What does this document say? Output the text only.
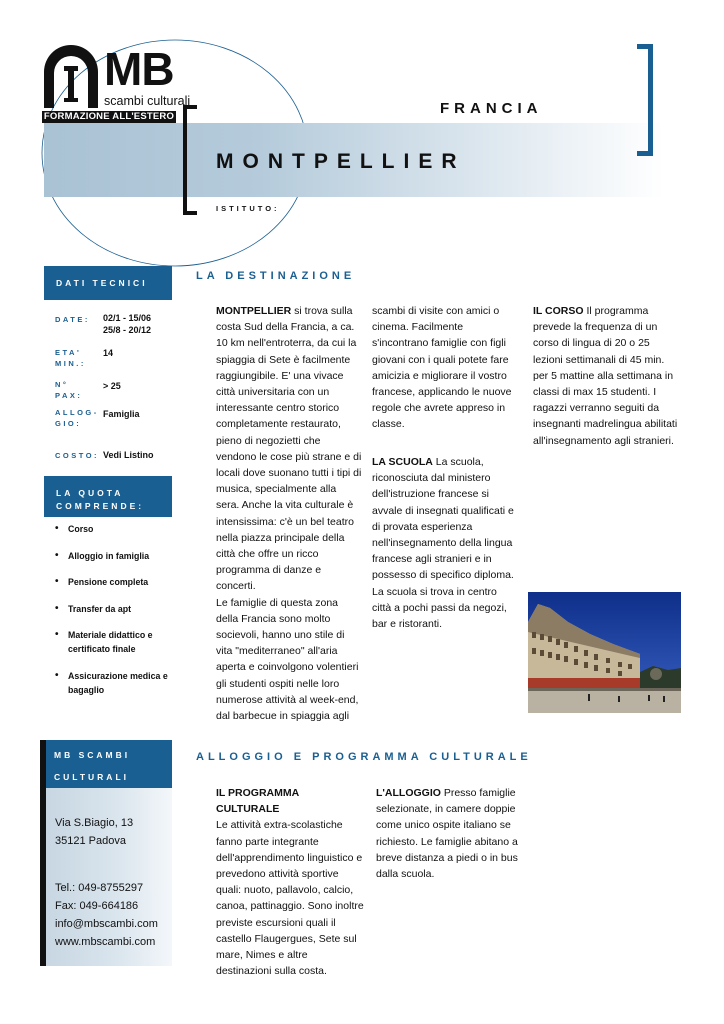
MB
scambi culturali
FORMAZIONE ALL'ESTERO	FRANCIA
MONTPELLIER
ISTITUTO:
DATI TECNICI
DATE: 02/1 - 15/06
25/8 - 20/12
ETA' MIN.:
14
N° PAX:
> 25
ALLOG-GIO:
Famiglia
COSTO: Vedi Listino
LA QUOTA
COMPRENDE:
• Corso
• Alloggio in famiglia
• Pensione completa
• Transfer da apt
• Materiale didattico e certificato finale
• Assicurazione medica e bagaglio
MB SCAMBI
CULTURALI
Via S.Biagio, 13
35121 Padova
Tel.: 049-8755297
Fax: 049-664186
info@mbscambi.com
www.mbscambi.com
LA DESTINAZIONE
MONTPELLIER si trova sulla costa Sud della Francia, a ca. 10 km nell'entroterra, da cui la spiaggia di Sete è facilmente raggiungibile. E' una vivace città universitaria con un interessante centro storico completamente restaurato, pieno di negozietti che vendono le cose più strane e di locali dove suonano tutti i tipi di musica, specialmente alla sera. Anche la vita culturale è intensissima: c'è un bel teatro nella piazza principale della città che offre un ricco programma di danze e concerti.
Le famiglie di questa zona della Francia sono molto socievoli, hanno uno stile di vita "mediterraneo" all'aria aperta e coinvolgono volentieri gli studenti ospiti nelle loro numerose attività al week-end, dal barbecue in spiaggia agli
scambi di visite con amici o cinema. Facilmente s'incontrano famiglie con figli giovani con i quali potete fare amicizia e migliorare il vostro francese, applicando le nuove regole che avrete appreso in classe.
LA SCUOLA La scuola, riconosciuta dal ministero dell'istruzione francese si avvale di insegnati qualificati e di provata esperienza nell'insegnamento della lingua francese agli stranieri e in possesso di specifico diploma. La scuola si trova in centro città a pochi passi da negozi, bar e ristoranti.
IL CORSO Il programma prevede la frequenza di un corso di lingua di 20 o 25 lezioni settimanali di 45 min. per 5 mattine alla settimana in classi di max 15 studenti. I ragazzi verranno seguiti da insegnanti madrelingua abilitati all'insegnamento agli stranieri.
ALLOGGIO E PROGRAMMA CULTURALE
IL PROGRAMMA CULTURALE
Le attività extra-scolastiche fanno parte integrante dell'apprendimento linguistico e prevedono attività sportive quali: nuoto, pallavolo, calcio, canoa, pattinaggio. Sono inoltre previste escursioni quali il castello Flaugergues, Sete sul mare, Nimes e altre destinazioni sulla costa.
L'ALLOGGIO Presso famiglie selezionate, in camere doppie come unico ospite italiano se richiesto. Le famiglie abitano a breve distanza a piedi o in bus dalla scuola.
